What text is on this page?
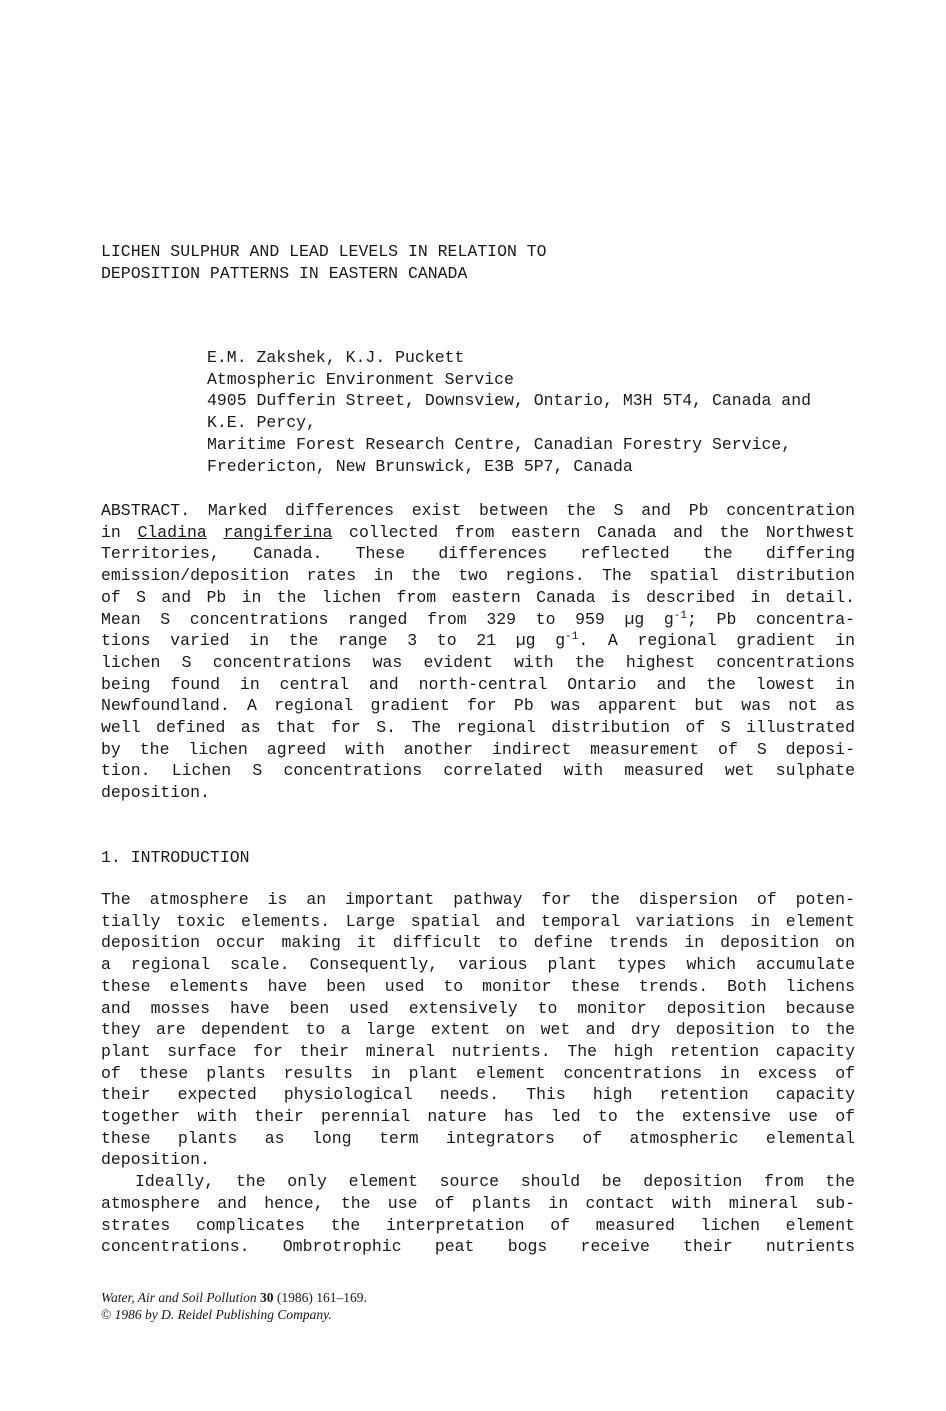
LICHEN SULPHUR AND LEAD LEVELS IN RELATION TO
DEPOSITION PATTERNS IN EASTERN CANADA
E.M. Zakshek, K.J. Puckett
Atmospheric Environment Service
4905 Dufferin Street, Downsview, Ontario, M3H 5T4, Canada and
K.E. Percy,
Maritime Forest Research Centre, Canadian Forestry Service,
Fredericton, New Brunswick, E3B 5P7, Canada
ABSTRACT. Marked differences exist between the S and Pb concentration
in Cladina rangiferina collected from eastern Canada and the Northwest
Territories, Canada. These differences reflected the differing
emission/deposition rates in the two regions. The spatial distribution
of S and Pb in the lichen from eastern Canada is described in detail.
Mean S concentrations ranged from 329 to 959 µg $g^{-1}$; Pb concentra-
tions varied in the range 3 to 21 µg $g^{-1}$. A regional gradient in
lichen S concentrations was evident with the highest concentrations
being found in central and north-central Ontario and the lowest in
Newfoundland. A regional gradient for Pb was apparent but was not as
well defined as that for S. The regional distribution of S illustrated
by the lichen agreed with another indirect measurement of S deposi-
tion. Lichen S concentrations correlated with measured wet sulphate
deposition.
1. INTRODUCTION
The atmosphere is an important pathway for the dispersion of poten-
tially toxic elements. Large spatial and temporal variations in element
deposition occur making it difficult to define trends in deposition on
a regional scale. Consequently, various plant types which accumulate
these elements have been used to monitor these trends. Both lichens
and mosses have been used extensively to monitor deposition because
they are dependent to a large extent on wet and dry deposition to the
plant surface for their mineral nutrients. The high retention capacity
of these plants results in plant element concentrations in excess of
their expected physiological needs. This high retention capacity
together with their perennial nature has led to the extensive use of
these plants as long term integrators of atmospheric elemental
deposition.
Ideally, the only element source should be deposition from the
atmosphere and hence, the use of plants in contact with mineral sub-
strates complicates the interpretation of measured lichen element
concentrations. Ombrotrophic peat bogs receive their nutrients
Water, Air and Soil Pollution 30 (1986) 161–169.
© 1986 by D. Reidel Publishing Company.
